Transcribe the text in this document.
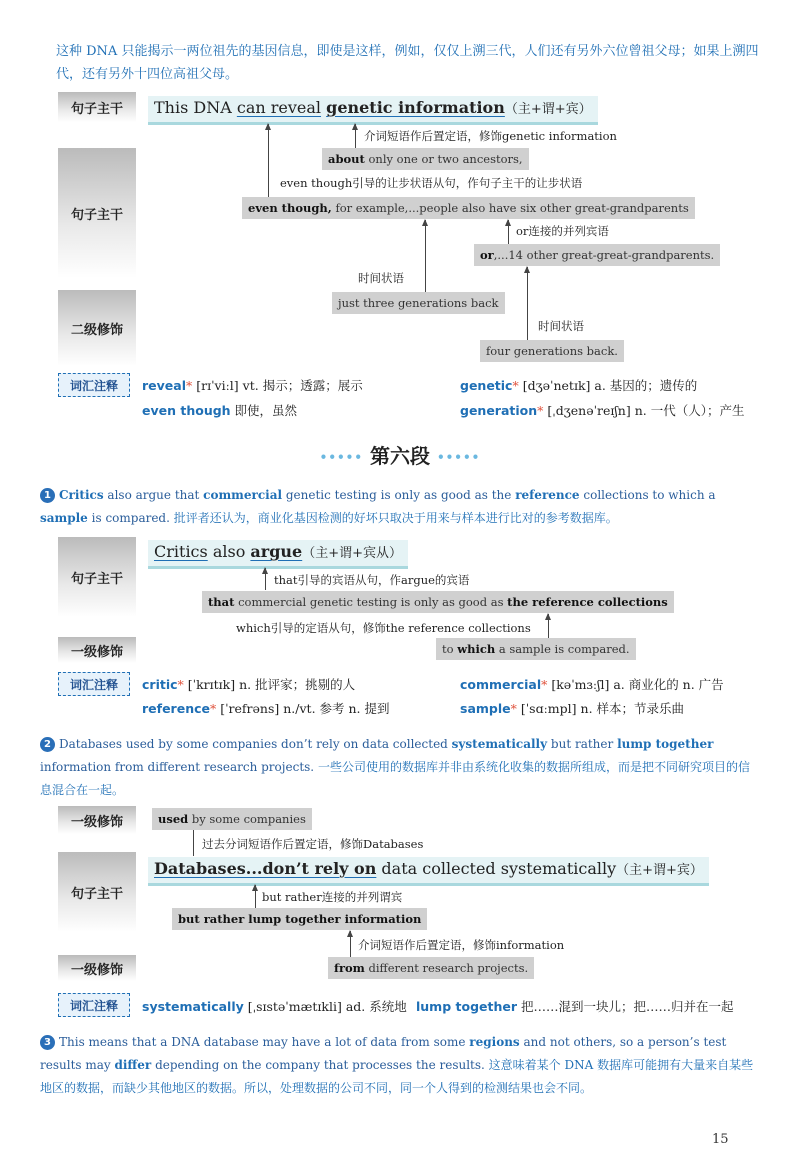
这种 DNA 只能揭示一两位祖先的基因信息，即使是这样，例如，仅仅上溯三代，人们还有另外六位曾祖父母；如果上溯四代，还有另外十四位高祖父母。
句子主干
句子主干
二级修饰
This DNA can reveal genetic information（主+谓+宾）
介词短语作后置定语，修饰genetic information
about only one or two ancestors,
even though引导的让步状语从句，作句子主干的让步状语
even though, for example,...people also have six other great-grandparents
or连接的并列宾语
or,...14 other great-great-grandparents.
时间状语
just three generations back
时间状语
four generations back.
词汇注释	reveal* [rɪˈviːl] vt. 揭示；透露；展示	genetic* [dʒəˈnetɪk] a. 基因的；遗传的
even though 即使，虽然	generation* [ˌdʒenəˈreɪʃn] n. 一代（人）；产生
••••• 第六段 •••••
1 Critics also argue that commercial genetic testing is only as good as the reference collections to which a sample is compared. 批评者还认为，商业化基因检测的好坏只取决于用来与样本进行比对的参考数据库。
句子主干
一级修饰
Critics also argue（主+谓+宾从）
that引导的宾语从句，作argue的宾语
that commercial genetic testing is only as good as the reference collections
which引导的定语从句，修饰the reference collections
to which a sample is compared.
词汇注释	critic* [ˈkrɪtɪk] n. 批评家；挑剔的人	commercial* [kəˈmɜːʃl] a. 商业化的 n. 广告
reference* [ˈrefrəns] n./vt. 参考 n. 提到	sample* [ˈsɑːmpl] n. 样本；节录乐曲
2 Databases used by some companies don’t rely on data collected systematically but rather lump together information from different research projects. 一些公司使用的数据库并非由系统化收集的数据所组成，而是把不同研究项目的信息混合在一起。
一级修饰
句子主干
一级修饰
used by some companies
过去分词短语作后置定语，修饰Databases
Databases...don’t rely on data collected systematically（主+谓+宾）
but rather连接的并列谓宾
but rather lump together information
介词短语作后置定语，修饰information
from different research projects.
词汇注释	systematically [ˌsɪstəˈmætɪkli] ad. 系统地 lump together 把……混到一块儿；把……归并在一起
3 This means that a DNA database may have a lot of data from some regions and not others, so a person’s test results may differ depending on the company that processes the results. 这意味着某个 DNA 数据库可能拥有大量来自某些地区的数据，而缺少其他地区的数据。所以，处理数据的公司不同，同一个人得到的检测结果也会不同。
15
